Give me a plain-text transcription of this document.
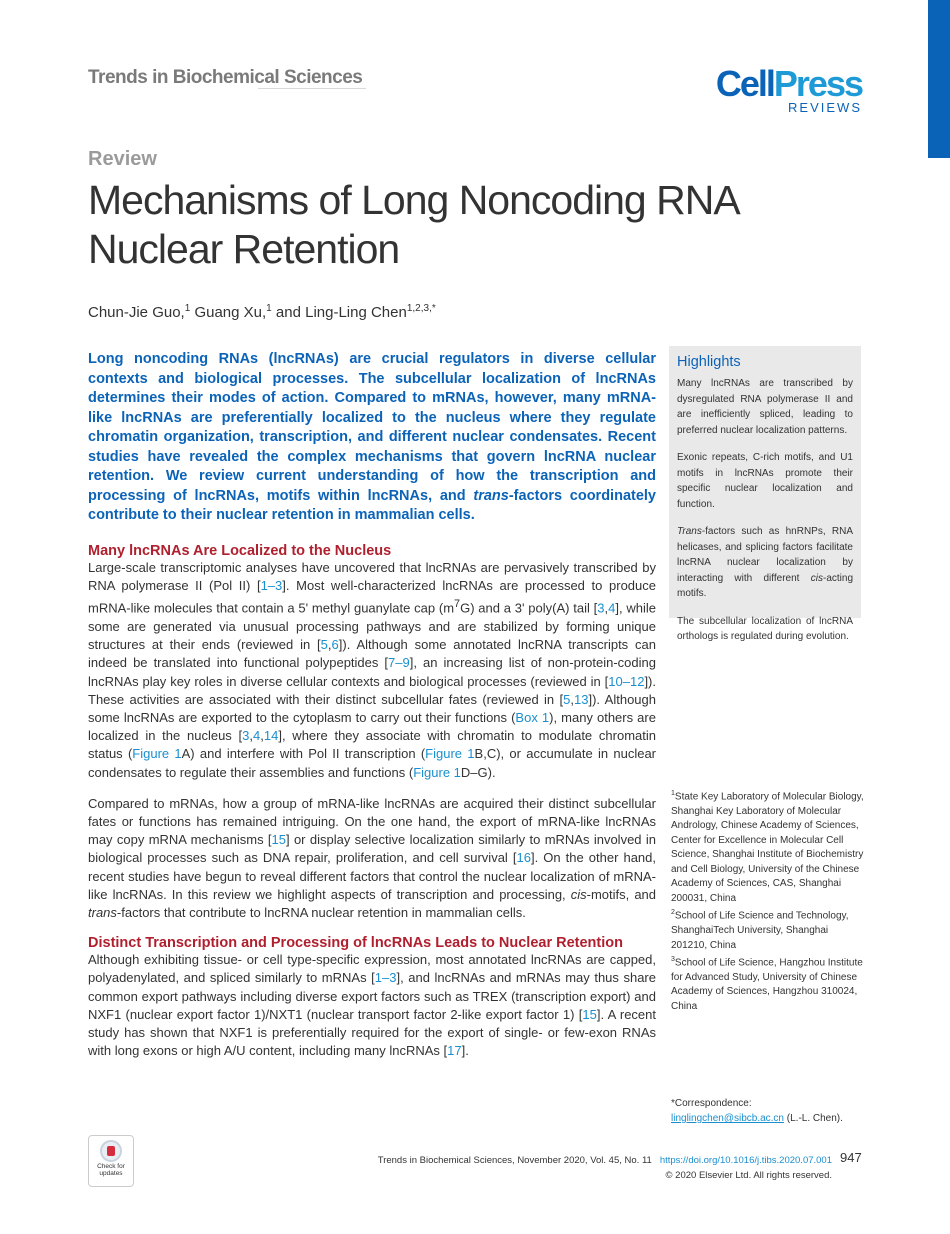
Trends in Biochemical Sciences	CellPress
REVIEWS
Review
Mechanisms of Long Noncoding RNA Nuclear Retention
Chun-Jie Guo,$^1$ Guang Xu,$^1$ and Ling-Ling Chen$^{1,2,3,*}$
Long noncoding RNAs (lncRNAs) are crucial regulators in diverse cellular contexts and biological processes. The subcellular localization of lncRNAs determines their modes of action. Compared to mRNAs, however, many mRNA-like lncRNAs are preferentially localized to the nucleus where they regulate chromatin organization, transcription, and different nuclear condensates. Recent studies have revealed the complex mechanisms that govern lncRNA nuclear retention. We review current understanding of how the transcription and processing of lncRNAs, motifs within lncRNAs, and trans-factors coordinately contribute to their nuclear retention in mammalian cells.
Many lncRNAs Are Localized to the Nucleus

Large-scale transcriptomic analyses have uncovered that lncRNAs are pervasively transcribed by RNA polymerase II (Pol II) [1–3]. Most well-characterized lncRNAs are processed to produce mRNA-like molecules that contain a 5' methyl guanylate cap $(m^7G)$ and a 3' poly(A) tail [3,4], while some are generated via unusual processing pathways and are stabilized by forming unique structures at their ends (reviewed in [5,6]). Although some annotated lncRNA transcripts can indeed be translated into functional polypeptides [7–9], an increasing list of non-protein-coding lncRNAs play key roles in diverse cellular contexts and biological processes (reviewed in [10–12]). These activities are associated with their distinct subcellular fates (reviewed in [5,13]). Although some lncRNAs are exported to the cytoplasm to carry out their functions (Box 1), many others are localized in the nucleus [3,4,14], where they associate with chromatin to modulate chromatin status (Figure 1A) and interfere with Pol II transcription (Figure 1B,C), or accumulate in nuclear condensates to regulate their assemblies and functions (Figure 1D–G).

Compared to mRNAs, how a group of mRNA-like lncRNAs are acquired their distinct subcellular fates or functions has remained intriguing. On the one hand, the export of mRNA-like lncRNAs may copy mRNA mechanisms [15] or display selective localization similarly to mRNAs involved in biological processes such as DNA repair, proliferation, and cell survival [16]. On the other hand, recent studies have begun to reveal different factors that control the nuclear localization of mRNA-like lncRNAs. In this review we highlight aspects of transcription and processing, cis-motifs, and trans-factors that contribute to lncRNA nuclear retention in mammalian cells.

Distinct Transcription and Processing of lncRNAs Leads to Nuclear Retention

Although exhibiting tissue- or cell type-specific expression, most annotated lncRNAs are capped, polyadenylated, and spliced similarly to mRNAs [1–3], and lncRNAs and mRNAs may thus share common export pathways including diverse export factors such as TREX (transcription export) and NXF1 (nuclear export factor 1)/NXT1 (nuclear transport factor 2-like export factor 1) [15]. A recent study has shown that NXF1 is preferentially required for the export of single- or few-exon RNAs with long exons or high A/U content, including many lncRNAs [17].

Highlights

Many lncRNAs are transcribed by dysregulated RNA polymerase II and are inefficiently spliced, leading to preferred nuclear localization patterns.

Exonic repeats, C-rich motifs, and U1 motifs in lncRNAs promote their specific nuclear localization and function.

Trans-factors such as hnRNPs, RNA helicases, and splicing factors facilitate lncRNA nuclear localization by interacting with different cis-acting motifs.

The subcellular localization of lncRNA orthologs is regulated during evolution.

$^1$State Key Laboratory of Molecular Biology, Shanghai Key Laboratory of Molecular Andrology, Chinese Academy of Sciences, Center for Excellence in Molecular Cell Science, Shanghai Institute of Biochemistry and Cell Biology, University of the Chinese Academy of Sciences, CAS, Shanghai 200031, China
$^2$School of Life Science and Technology, ShanghaiTech University, Shanghai 201210, China
$^3$School of Life Science, Hangzhou Institute for Advanced Study, University of Chinese Academy of Sciences, Hangzhou 310024, China
*Correspondence:
linglingchen@sibcb.ac.cn (L.-L. Chen).
Check for
updates
Trends in Biochemical Sciences, November 2020, Vol. 45, No. 11 https://doi.org/10.1016/j.tibs.2020.07.001
© 2020 Elsevier Ltd. All rights reserved.
947
